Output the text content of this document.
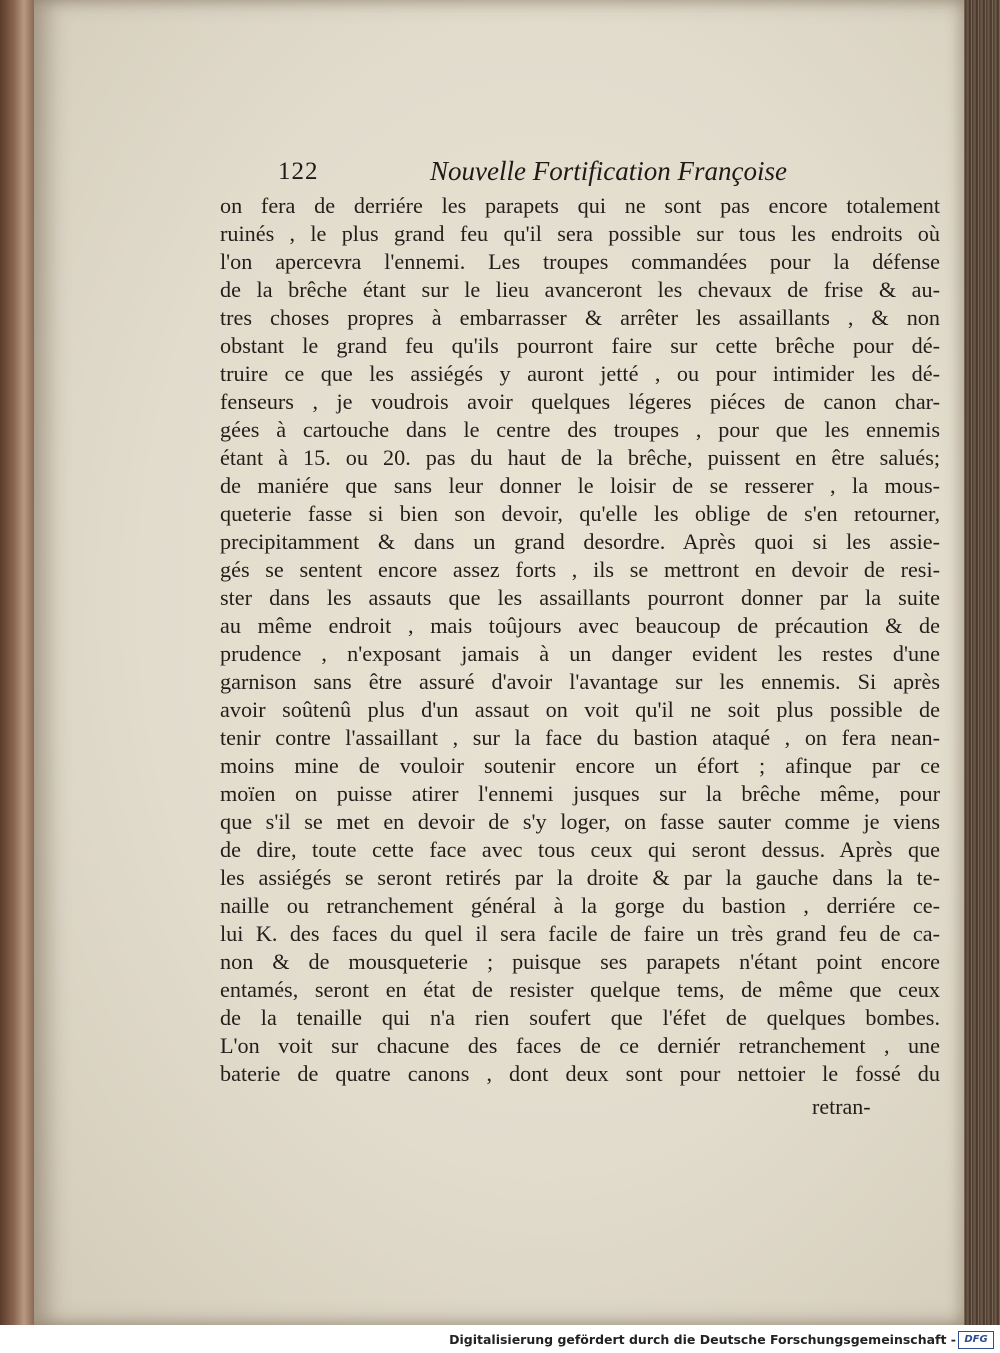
122	Nouvelle Fortification Françoise
on fera de derriére les parapets qui ne sont pas encore totalement
ruinés , le plus grand feu qu'il sera possible sur tous les endroits où
l'on apercevra l'ennemi. Les troupes commandées pour la défense
de la brêche étant sur le lieu avanceront les chevaux de frise & au-
tres choses propres à embarrasser & arrêter les assaillants , & non
obstant le grand feu qu'ils pourront faire sur cette brêche pour dé-
truire ce que les assiégés y auront jetté , ou pour intimider les dé-
fenseurs , je voudrois avoir quelques légeres piéces de canon char-
gées à cartouche dans le centre des troupes , pour que les ennemis
étant à 15. ou 20. pas du haut de la brêche, puissent en être salués;
de maniére que sans leur donner le loisir de se resserer , la mous-
queterie fasse si bien son devoir, qu'elle les oblige de s'en retourner,
precipitamment & dans un grand desordre. Après quoi si les assie-
gés se sentent encore assez forts , ils se mettront en devoir de resi-
ster dans les assauts que les assaillants pourront donner par la suite
au même endroit , mais toûjours avec beaucoup de précaution & de
prudence , n'exposant jamais à un danger evident les restes d'une
garnison sans être assuré d'avoir l'avantage sur les ennemis. Si après
avoir soûtenû plus d'un assaut on voit qu'il ne soit plus possible de
tenir contre l'assaillant , sur la face du bastion ataqué , on fera nean-
moins mine de vouloir soutenir encore un éfort ; afinque par ce
moïen on puisse atirer l'ennemi jusques sur la brêche même, pour
que s'il se met en devoir de s'y loger, on fasse sauter comme je viens
de dire, toute cette face avec tous ceux qui seront dessus. Après que
les assiégés se seront retirés par la droite & par la gauche dans la te-
naille ou retranchement général à la gorge du bastion , derriére ce-
lui K. des faces du quel il sera facile de faire un très grand feu de ca-
non & de mousqueterie ; puisque ses parapets n'étant point encore
entamés, seront en état de resister quelque tems, de même que ceux
de la tenaille qui n'a rien soufert que l'éfet de quelques bombes.
L'on voit sur chacune des faces de ce derniér retranchement , une
baterie de quatre canons , dont deux sont pour nettoier le fossé du
retran-
Digitalisierung gefördert durch die Deutsche Forschungsgemeinschaft - DFG
